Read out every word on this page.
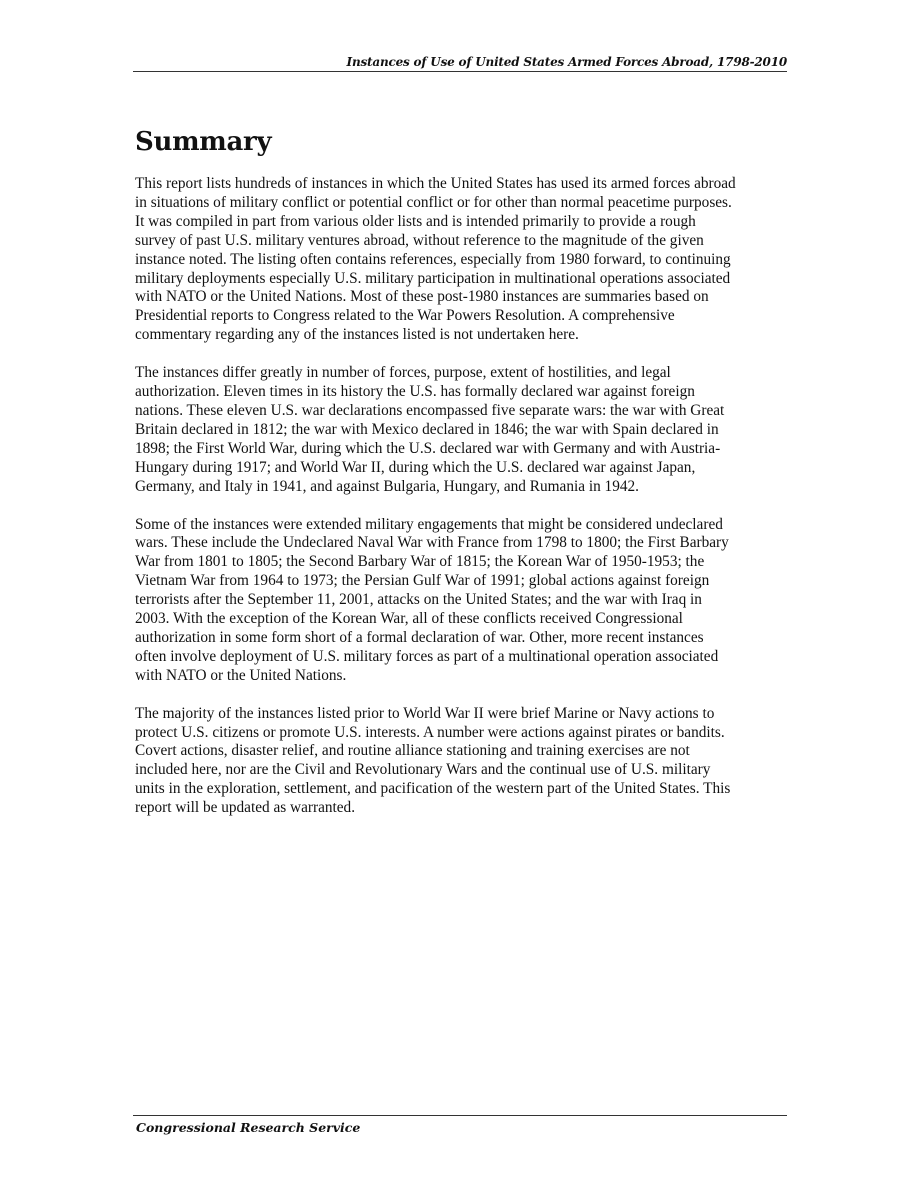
Instances of Use of United States Armed Forces Abroad, 1798-2010
Summary

This report lists hundreds of instances in which the United States has used its armed forces abroad
in situations of military conflict or potential conflict or for other than normal peacetime purposes.
It was compiled in part from various older lists and is intended primarily to provide a rough
survey of past U.S. military ventures abroad, without reference to the magnitude of the given
instance noted. The listing often contains references, especially from 1980 forward, to continuing
military deployments especially U.S. military participation in multinational operations associated
with NATO or the United Nations. Most of these post-1980 instances are summaries based on
Presidential reports to Congress related to the War Powers Resolution. A comprehensive
commentary regarding any of the instances listed is not undertaken here.

The instances differ greatly in number of forces, purpose, extent of hostilities, and legal
authorization. Eleven times in its history the U.S. has formally declared war against foreign
nations. These eleven U.S. war declarations encompassed five separate wars: the war with Great
Britain declared in 1812; the war with Mexico declared in 1846; the war with Spain declared in
1898; the First World War, during which the U.S. declared war with Germany and with Austria-
Hungary during 1917; and World War II, during which the U.S. declared war against Japan,
Germany, and Italy in 1941, and against Bulgaria, Hungary, and Rumania in 1942.

Some of the instances were extended military engagements that might be considered undeclared
wars. These include the Undeclared Naval War with France from 1798 to 1800; the First Barbary
War from 1801 to 1805; the Second Barbary War of 1815; the Korean War of 1950-1953; the
Vietnam War from 1964 to 1973; the Persian Gulf War of 1991; global actions against foreign
terrorists after the September 11, 2001, attacks on the United States; and the war with Iraq in
2003. With the exception of the Korean War, all of these conflicts received Congressional
authorization in some form short of a formal declaration of war. Other, more recent instances
often involve deployment of U.S. military forces as part of a multinational operation associated
with NATO or the United Nations.

The majority of the instances listed prior to World War II were brief Marine or Navy actions to
protect U.S. citizens or promote U.S. interests. A number were actions against pirates or bandits.
Covert actions, disaster relief, and routine alliance stationing and training exercises are not
included here, nor are the Civil and Revolutionary Wars and the continual use of U.S. military
units in the exploration, settlement, and pacification of the western part of the United States. This
report will be updated as warranted.

Congressional Research Service
